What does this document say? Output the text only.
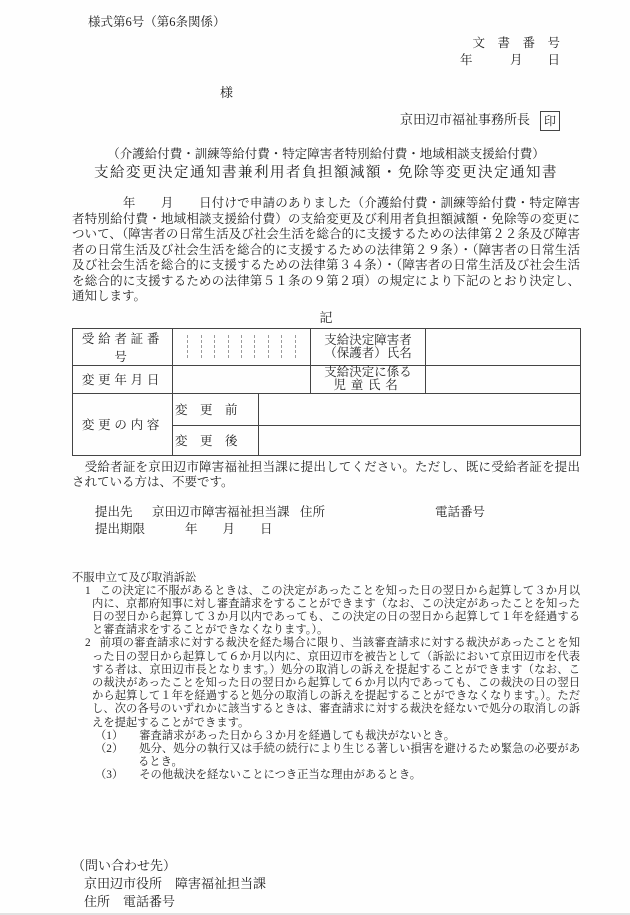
様式第6号（第6条関係）
文　書　番　号
年　　　月　　日
様
京田辺市福祉事務所長 印
（介護給付費・訓練等給付費・特定障害者特別給付費・地域相談支援給付費）
支給変更決定通知書兼利用者負担額減額・免除等変更決定通知書
　　　　年　　月　　日付けで申請のありました（介護給付費・訓練等給付費・特定障害者特別給付費・地域相談支援給付費）の支給変更及び利用者負担額減額・免除等の変更について、（障害者の日常生活及び社会生活を総合的に支援するための法律第２２条及び障害者の日常生活及び社会生活を総合的に支援するための法律第２９条）・（障害者の日常生活及び社会生活を総合的に支援するための法律第３４条）・（障害者の日常生活及び社会生活を総合的に支援するための法律第５１条の９第２項）の規定により下記のとおり決定し、通知します。
記
受給者証番号			支給決定障害者
（保護者）氏名	

変更年月日			支給決定に係る
児童氏名	

変更の内容	変　更　前			
	変　更　後			
　受給者証を京田辺市障害福祉担当課に提出してください。ただし、既に受給者証を提出されている方は、不要です。
提出先 京田辺市障害福祉担当課 住所	電話番号
提出期限	年　　月　　日
不服申立て及び取消訴訟
1 この決定に不服があるときは、この決定があったことを知った日の翌日から起算して３か月以内に、京都府知事に対し審査請求をすることができます（なお、この決定があったことを知った日の翌日から起算して３か月以内であっても、この決定の日の翌日から起算して１年を経過すると審査請求をすることができなくなります。）。
2 前項の審査請求に対する裁決を経た場合に限り、当該審査請求に対する裁決があったことを知った日の翌日から起算して６か月以内に、京田辺市を被告として（訴訟において京田辺市を代表する者は、京田辺市長となります。）処分の取消しの訴えを提起することができます（なお、この裁決があったことを知った日の翌日から起算して６か月以内であっても、この裁決の日の翌日から起算して１年を経過すると処分の取消しの訴えを提起することができなくなります。）。ただし、次の各号のいずれかに該当するときは、審査請求に対する裁決を経ないで処分の取消しの訴えを提起することができます。
（1） 審査請求があった日から３か月を経過しても裁決がないとき。
（2） 処分、処分の執行又は手続の続行により生じる著しい損害を避けるため緊急の必要があるとき。
（3） その他裁決を経ないことにつき正当な理由があるとき。
（問い合わせ先）
京田辺市役所　障害福祉担当課
住所　電話番号
